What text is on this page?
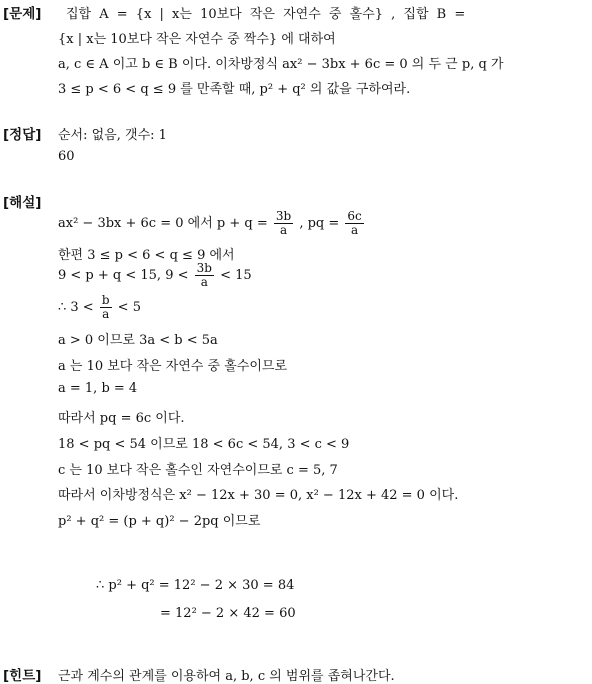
[문제] 집합 A = {x | x는 10보다 작은 자연수 중 홀수} , 집합 B =
{x | x는 10보다 작은 자연수 중 짝수} 에 대하여
a, c ∈ A 이고 b ∈ B 이다. 이차방정식 ax² − 3bx + 6c = 0 의 두 근 p, q 가
3 ≤ p < 6 < q ≤ 9 를 만족할 때, p² + q² 의 값을 구하여라.
[정답] 순서: 없음, 갯수: 1
60
[해설]
ax² − 3bx + 6c = 0 에서 $p + q = \frac{3b}{a}$ , pq = $\frac{6c}{a}$
한편 3 ≤ p < 6 < q ≤ 9 에서
9 < p + q < 15, $9 < \frac{3b}{a} < 15$
∴ $3 < \frac{b}{a} < 5$
a > 0 이므로 3a < b < 5a
a 는 10 보다 작은 자연수 중 홀수이므로
a = 1, b = 4
따라서 pq = 6c 이다.
18 < pq < 54 이므로 18 < 6c < 54, 3 < c < 9
c 는 10 보다 작은 홀수인 자연수이므로 c = 5, 7
따라서 이차방정식은 x² − 12x + 30 = 0, x² − 12x + 42 = 0 이다.
p² + q² = (p + q)² − 2pq 이므로
∴ p² + q² = 12² − 2 × 30 = 84
= 12² − 2 × 42 = 60
[힌트] 근과 계수의 관계를 이용하여 a, b, c 의 범위를 좁혀나간다.
